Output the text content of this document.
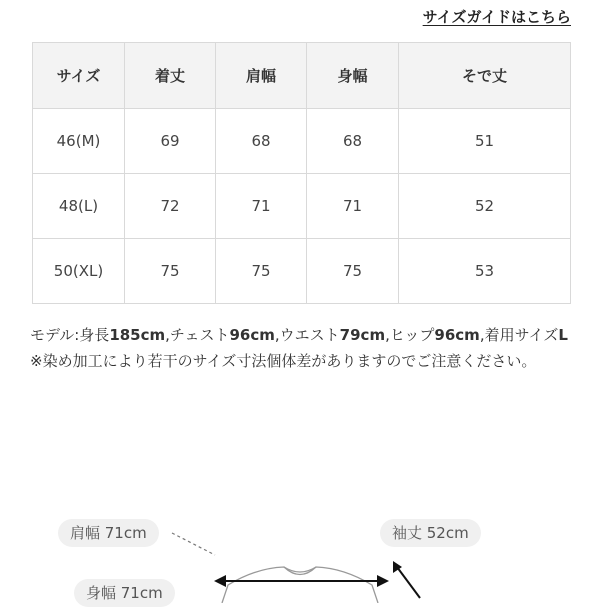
サイズガイドはこちら
サイズ	着丈	肩幅	身幅	そで丈
46(M)	69	68	68	51
48(L)	72	71	71	52
50(XL)	75	75	75	53

モデル:身長185cm,チェスト96cm,ウエスト79cm,ヒップ96cm,着用サイズL

※染め加工により若干のサイズ寸法個体差がありますのでご注意ください。

肩幅 71cm
身幅 71cm
袖丈 52cm
